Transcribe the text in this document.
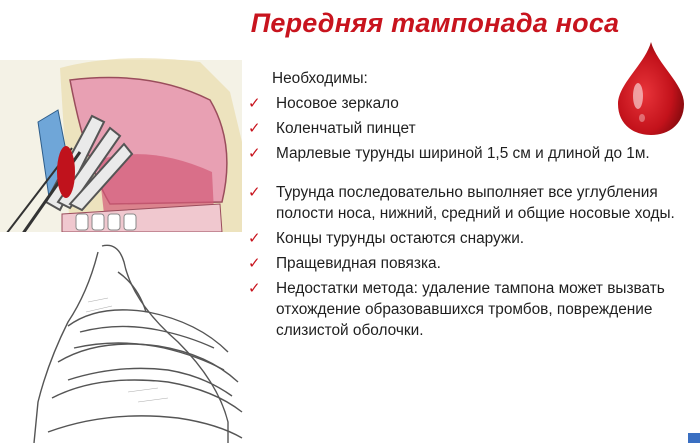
Передняя тампонада носа
Необходимы:
✓ Носовое зеркало
✓ Коленчатый пинцет
✓ Марлевые турунды шириной 1,5 см и длиной до 1м.
✓ Турунда последовательно выполняет все углубления полости носа, нижний, средний и общие носовые ходы.
✓ Концы турунды остаются снаружи.
✓ Пращевидная повязка.
✓ Недостатки метода: удаление тампона может вызвать отхождение образовавшихся тромбов, повреждение слизистой оболочки.
